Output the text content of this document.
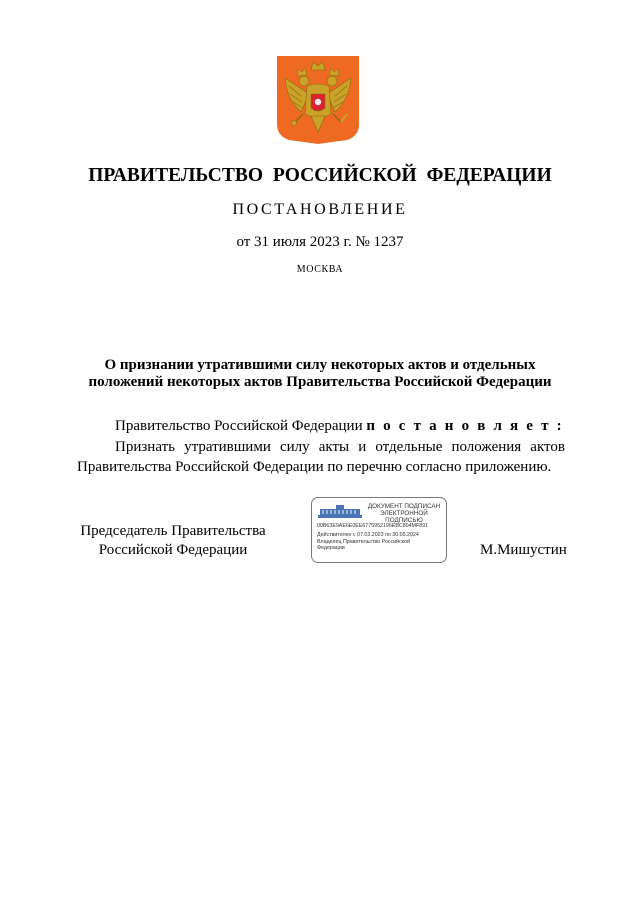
ПРАВИТЕЛЬСТВО РОССИЙСКОЙ ФЕДЕРАЦИИ
ПОСТАНОВЛЕНИЕ
от 31 июля 2023 г. № 1237
МОСКВА
О признании утратившими силу некоторых актов и отдельных
положений некоторых актов Правительства Российской Федерации
Правительство Российской Федерации п о с т а н о в л я е т :
Признать утратившими силу акты и отдельные положения актов
Правительства Российской Федерации по перечню согласно приложению.
Председатель Правительства
Российской Федерации
ДОКУМЕНТ ПОДПИСАН
ЭЛЕКТРОННОЙ ПОДПИСЬЮ
00B63E9AE6E0EE6775952196EBC804MF891
Действителен с 07.03.2023 по 30.05.2024
Владелец Правительство Российской
Федерации	М.Мишустин
